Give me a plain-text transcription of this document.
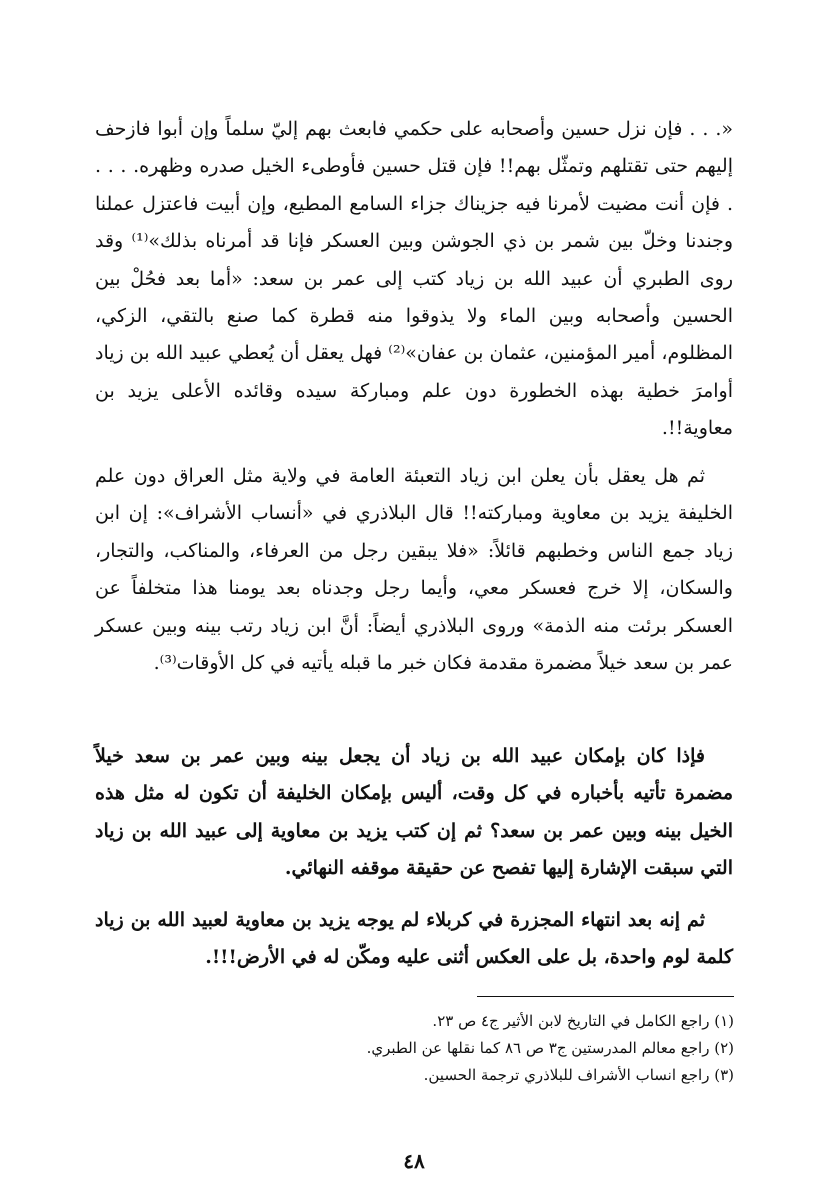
«. . . فإن نزل حسين وأصحابه على حكمي فابعث بهم إليّ سلماً وإن أبوا فازحف إليهم حتى تقتلهم وتمثّل بهم!! فإن قتل حسين فأوطىء الخيل صدره وظهره. . . . . فإن أنت مضيت لأمرنا فيه جزيناك جزاء السامع المطيع، وإن أبيت فاعتزل عملنا وجندنا وخلّ بين شمر بن ذي الجوشن وبين العسكر فإنا قد أمرناه بذلك»⁽¹⁾ وقد روى الطبري أن عبيد الله بن زياد كتب إلى عمر بن سعد: «أما بعد فحُلْ بين الحسين وأصحابه وبين الماء ولا يذوقوا منه قطرة كما صنع بالتقي، الزكي، المظلوم، أمير المؤمنين، عثمان بن عفان»⁽²⁾ فهل يعقل أن يُعطي عبيد الله بن زياد أوامرَ خطية بهذه الخطورة دون علم ومباركة سيده وقائده الأعلى يزيد بن معاوية!!.

ثم هل يعقل بأن يعلن ابن زياد التعبئة العامة في ولاية مثل العراق دون علم الخليفة يزيد بن معاوية ومباركته!! قال البلاذري في «أنساب الأشراف»: إن ابن زياد جمع الناس وخطبهم قائلاً: «فلا يبقين رجل من العرفاء، والمناكب، والتجار، والسكان، إلا خرج فعسكر معي، وأيما رجل وجدناه بعد يومنا هذا متخلفاً عن العسكر برئت منه الذمة» وروى البلاذري أيضاً: أنَّ ابن زياد رتب بينه وبين عسكر عمر بن سعد خيلاً مضمرة مقدمة فكان خبر ما قبله يأتيه في كل الأوقات⁽³⁾.

فإذا كان بإمكان عبيد الله بن زياد أن يجعل بينه وبين عمر بن سعد خيلاً مضمرة تأتيه بأخباره في كل وقت، أليس بإمكان الخليفة أن تكون له مثل هذه الخيل بينه وبين عمر بن سعد؟ ثم إن كتب يزيد بن معاوية إلى عبيد الله بن زياد التي سبقت الإشارة إليها تفصح عن حقيقة موقفه النهائي.

ثم إنه بعد انتهاء المجزرة في كربلاء لم يوجه يزيد بن معاوية لعبيد الله بن زياد كلمة لوم واحدة، بل على العكس أثنى عليه ومكّن له في الأرض!!!.

(١) راجع الكامل في التاريخ لابن الأثير ج٤ ص ٢٣.
(٢) راجع معالم المدرستين ج٣ ص ٨٦ كما نقلها عن الطبري.
(٣) راجع انساب الأشراف للبلاذري ترجمة الحسين.
٤٨
